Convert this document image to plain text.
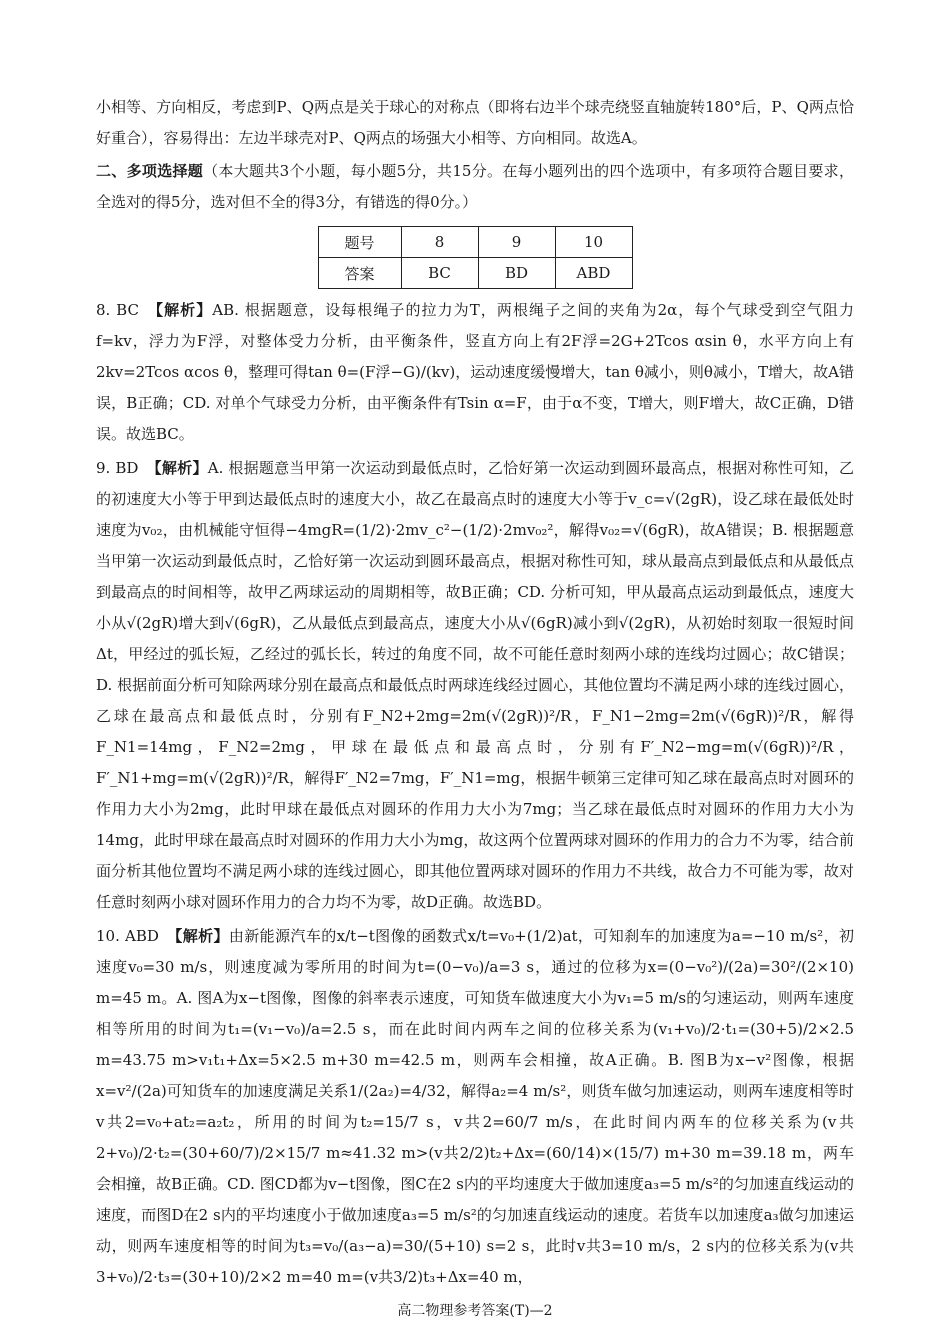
小相等、方向相反，考虑到P、Q两点是关于球心的对称点（即将右边半个球壳绕竖直轴旋转180°后，P、Q两点恰好重合），容易得出：左边半球壳对P、Q两点的场强大小相等、方向相同。故选A。

二、多项选择题（本大题共3个小题，每小题5分，共15分。在每小题列出的四个选项中，有多项符合题目要求，全选对的得5分，选对但不全的得3分，有错选的得0分。）

题号	8	9	10
答案	BC	BD	ABD

8. BC 【解析】AB. 根据题意，设每根绳子的拉力为T，两根绳子之间的夹角为2α，每个气球受到空气阻力f=kv，浮力为F浮，对整体受力分析，由平衡条件，竖直方向上有2F浮=2G+2Tcos αsin θ，水平方向上有2kv=2Tcos αcos θ，整理可得tan θ=(F浮−G)/(kv)，运动速度缓慢增大，tan θ减小，则θ减小，T增大，故A错误，B正确；CD. 对单个气球受力分析，由平衡条件有Tsin α=F，由于α不变，T增大，则F增大，故C正确，D错误。故选BC。

9. BD 【解析】A. 根据题意当甲第一次运动到最低点时，乙恰好第一次运动到圆环最高点，根据对称性可知，乙的初速度大小等于甲到达最低点时的速度大小，故乙在最高点时的速度大小等于v_c=√(2gR)，设乙球在最低处时速度为v₀₂，由机械能守恒得−4mgR=(1/2)·2mv_c²−(1/2)·2mv₀₂²，解得v₀₂=√(6gR)，故A错误；B. 根据题意当甲第一次运动到最低点时，乙恰好第一次运动到圆环最高点，根据对称性可知，球从最高点到最低点和从最低点到最高点的时间相等，故甲乙两球运动的周期相等，故B正确；CD. 分析可知，甲从最高点运动到最低点，速度大小从√(2gR)增大到√(6gR)，乙从最低点到最高点，速度大小从√(6gR)减小到√(2gR)，从初始时刻取一很短时间Δt，甲经过的弧长短，乙经过的弧长长，转过的角度不同，故不可能任意时刻两小球的连线均过圆心；故C错误；D. 根据前面分析可知除两球分别在最高点和最低点时两球连线经过圆心，其他位置均不满足两小球的连线过圆心，乙球在最高点和最低点时，分别有F_N2+2mg=2m(√(2gR))²/R，F_N1−2mg=2m(√(6gR))²/R，解得F_N1=14mg，F_N2=2mg，甲球在最低点和最高点时，分别有F′_N2−mg=m(√(6gR))²/R，F′_N1+mg=m(√(2gR))²/R，解得F′_N2=7mg，F′_N1=mg，根据牛顿第三定律可知乙球在最高点时对圆环的作用力大小为2mg，此时甲球在最低点对圆环的作用力大小为7mg；当乙球在最低点时对圆环的作用力大小为14mg，此时甲球在最高点时对圆环的作用力大小为mg，故这两个位置两球对圆环的作用力的合力不为零，结合前面分析其他位置均不满足两小球的连线过圆心，即其他位置两球对圆环的作用力不共线，故合力不可能为零，故对任意时刻两小球对圆环作用力的合力均不为零，故D正确。故选BD。

10. ABD 【解析】由新能源汽车的x/t−t图像的函数式x/t=v₀+(1/2)at，可知刹车的加速度为a=−10 m/s²，初速度v₀=30 m/s，则速度减为零所用的时间为t=(0−v₀)/a=3 s，通过的位移为x=(0−v₀²)/(2a)=30²/(2×10) m=45 m。A. 图A为x−t图像，图像的斜率表示速度，可知货车做速度大小为v₁=5 m/s的匀速运动，则两车速度相等所用的时间为t₁=(v₁−v₀)/a=2.5 s，而在此时间内两车之间的位移关系为(v₁+v₀)/2·t₁=(30+5)/2×2.5 m=43.75 m>v₁t₁+Δx=5×2.5 m+30 m=42.5 m，则两车会相撞，故A正确。B. 图B为x−v²图像，根据x=v²/(2a)可知货车的加速度满足关系1/(2a₂)=4/32，解得a₂=4 m/s²，则货车做匀加速运动，则两车速度相等时v共2=v₀+at₂=a₂t₂，所用的时间为t₂=15/7 s，v共2=60/7 m/s，在此时间内两车的位移关系为(v共2+v₀)/2·t₂=(30+60/7)/2×15/7 m≈41.32 m>(v共2/2)t₂+Δx=(60/14)×(15/7) m+30 m=39.18 m，两车会相撞，故B正确。CD. 图CD都为v−t图像，图C在2 s内的平均速度大于做加速度a₃=5 m/s²的匀加速直线运动的速度，而图D在2 s内的平均速度小于做加速度a₃=5 m/s²的匀加速直线运动的速度。若货车以加速度a₃做匀加速运动，则两车速度相等的时间为t₃=v₀/(a₃−a)=30/(5+10) s=2 s，此时v共3=10 m/s，2 s内的位移关系为(v共3+v₀)/2·t₃=(30+10)/2×2 m=40 m=(v共3/2)t₃+Δx=40 m，

高二物理参考答案(T)—2
